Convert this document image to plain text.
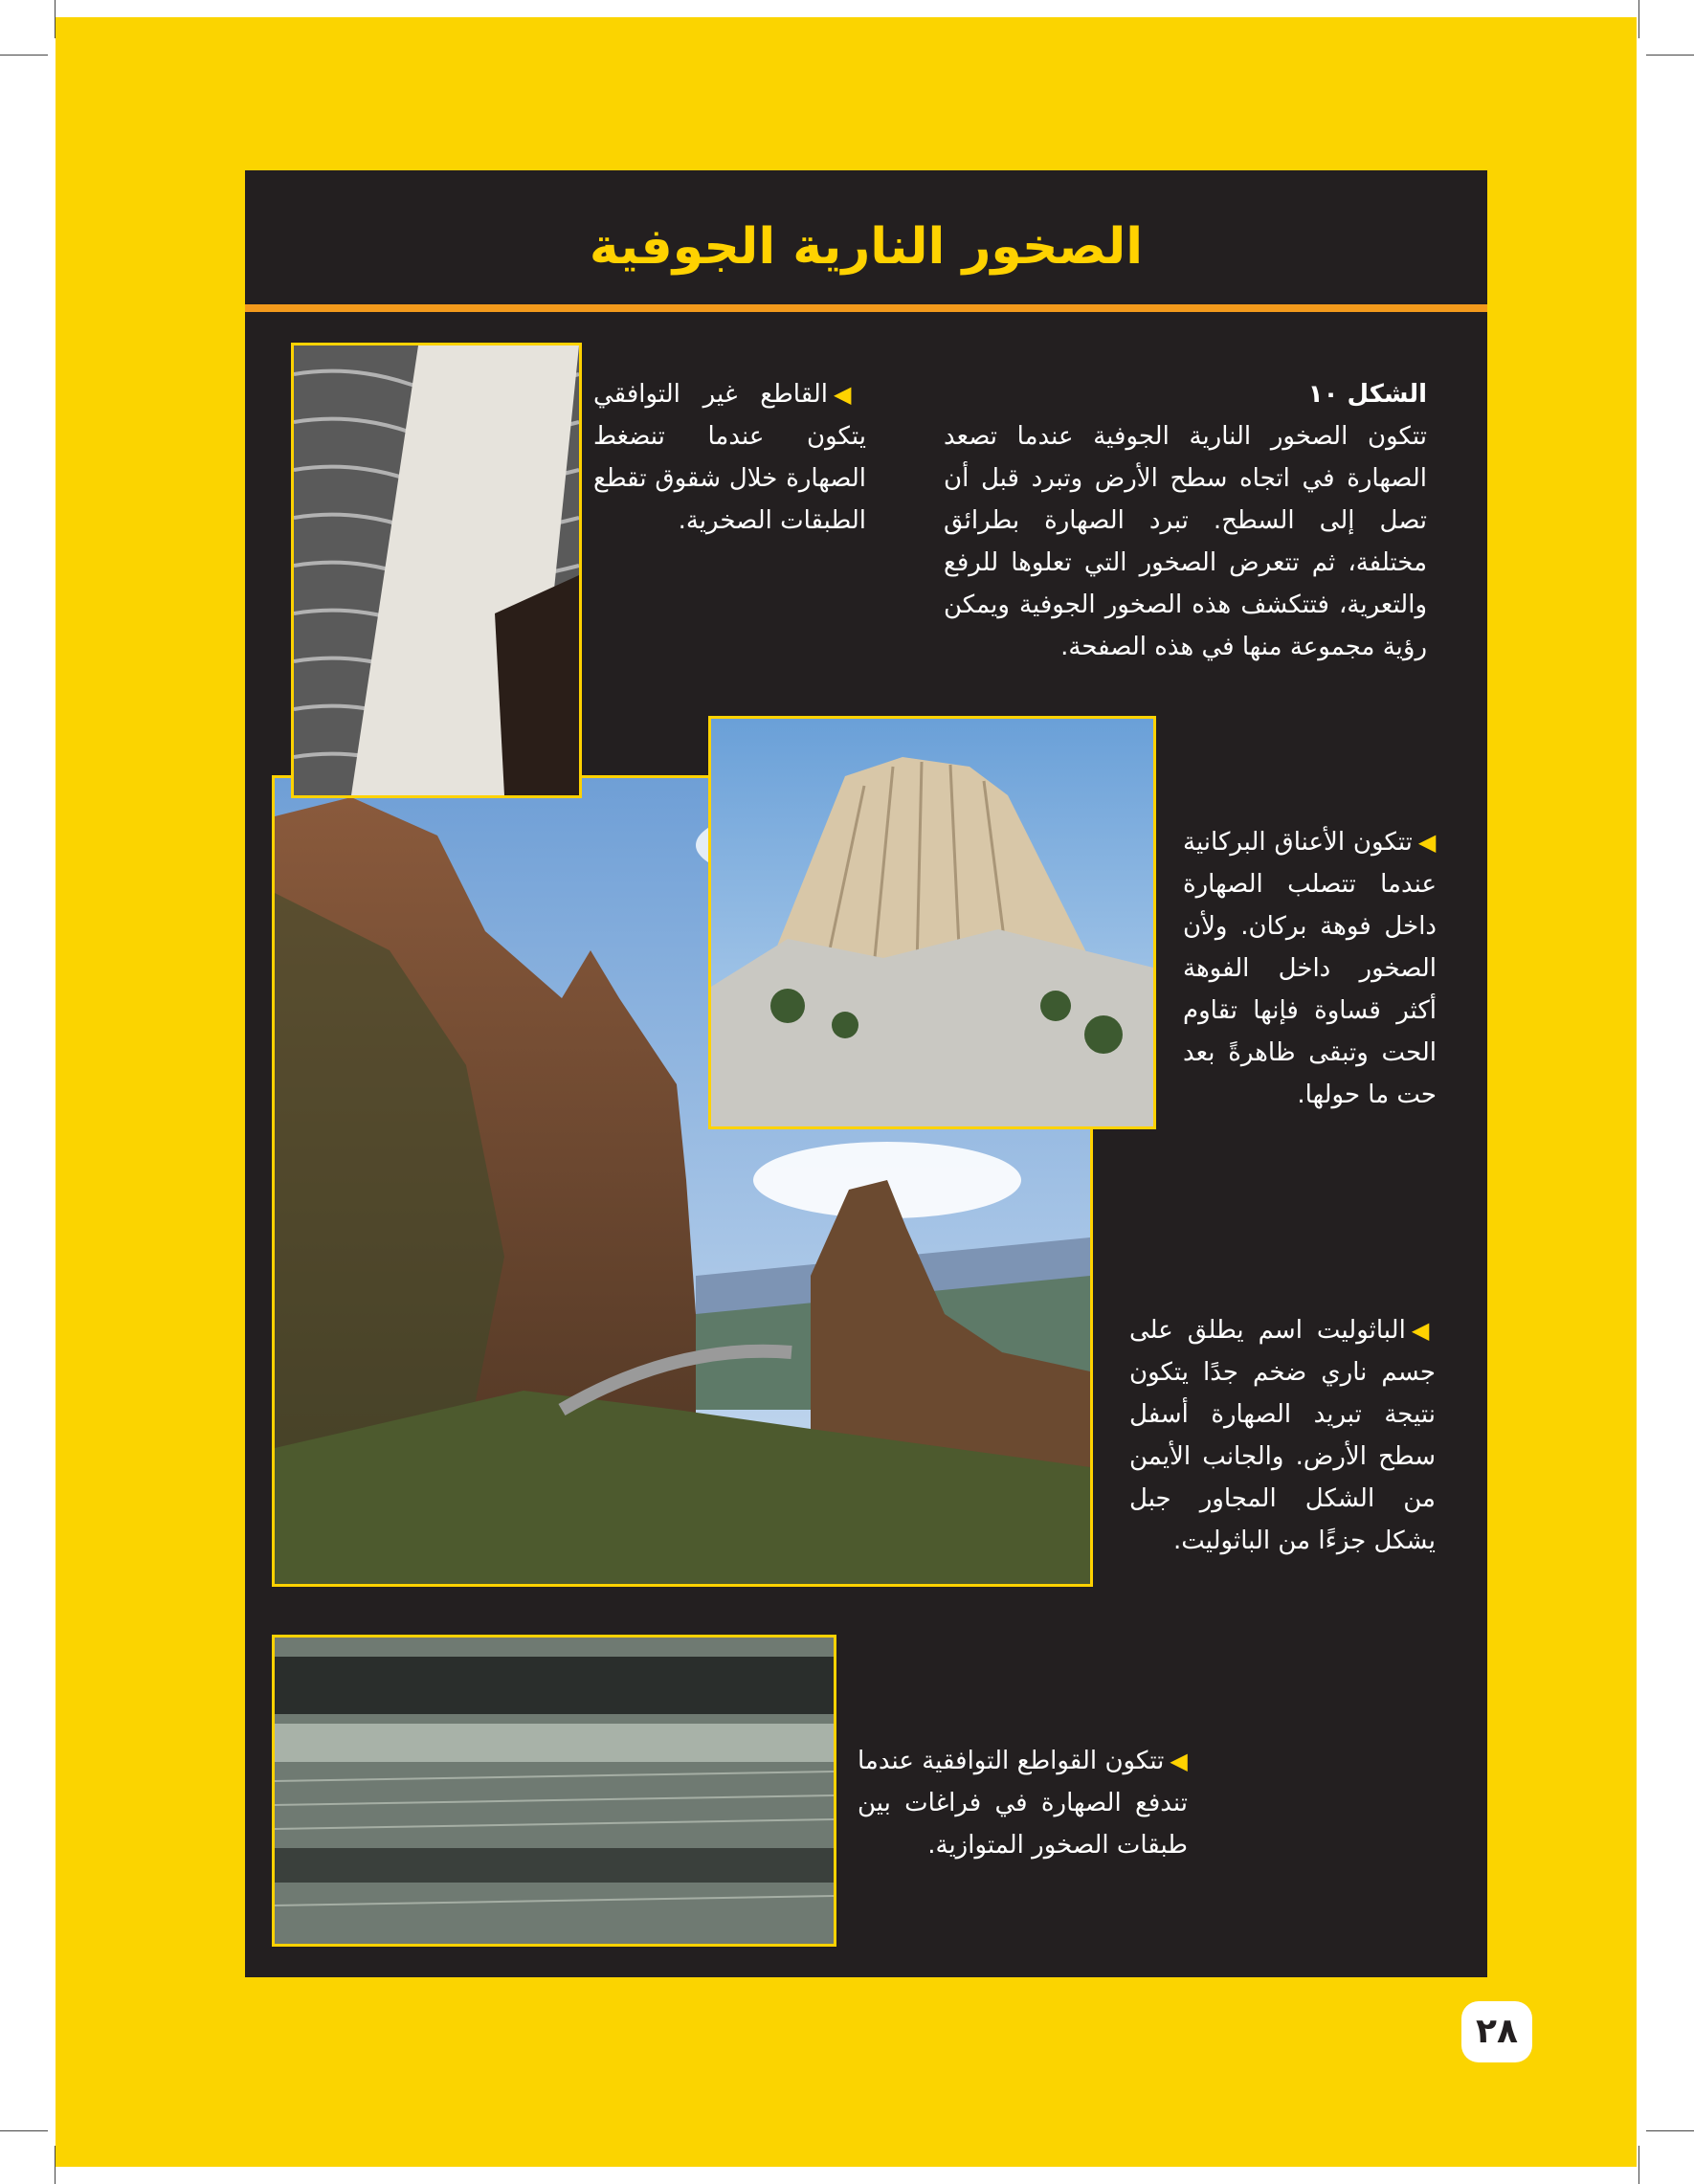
الصخور النارية الجوفية
الشكل ١٠
تتكون الصخور النارية الجوفية عندما تصعد الصهارة في اتجاه سطح الأرض وتبرد قبل أن تصل إلى السطح. تبرد الصهارة بطرائق مختلفة، ثم تتعرض الصخور التي تعلوها للرفع والتعرية، فتتكشف هذه الصخور الجوفية ويمكن رؤية مجموعة منها في هذه الصفحة.
◀القاطع غير التوافقي يتكون عندما تنضغط الصهارة خلال شقوق تقطع الطبقات الصخرية.
◀تتكون الأعناق البركانية عندما تتصلب الصهارة داخل فوهة بركان. ولأن الصخور داخل الفوهة أكثر قساوة فإنها تقاوم الحت وتبقى ظاهرةً بعد حت ما حولها.
◀الباثوليت اسم يطلق على جسم ناري ضخم جدًا يتكون نتيجة تبريد الصهارة أسفل سطح الأرض. والجانب الأيمن من الشكل المجاور جبل يشكل جزءًا من الباثوليت.
◀تتكون القواطع التوافقية عندما تندفع الصهارة في فراغات بين طبقات الصخور المتوازية.
٢٨
